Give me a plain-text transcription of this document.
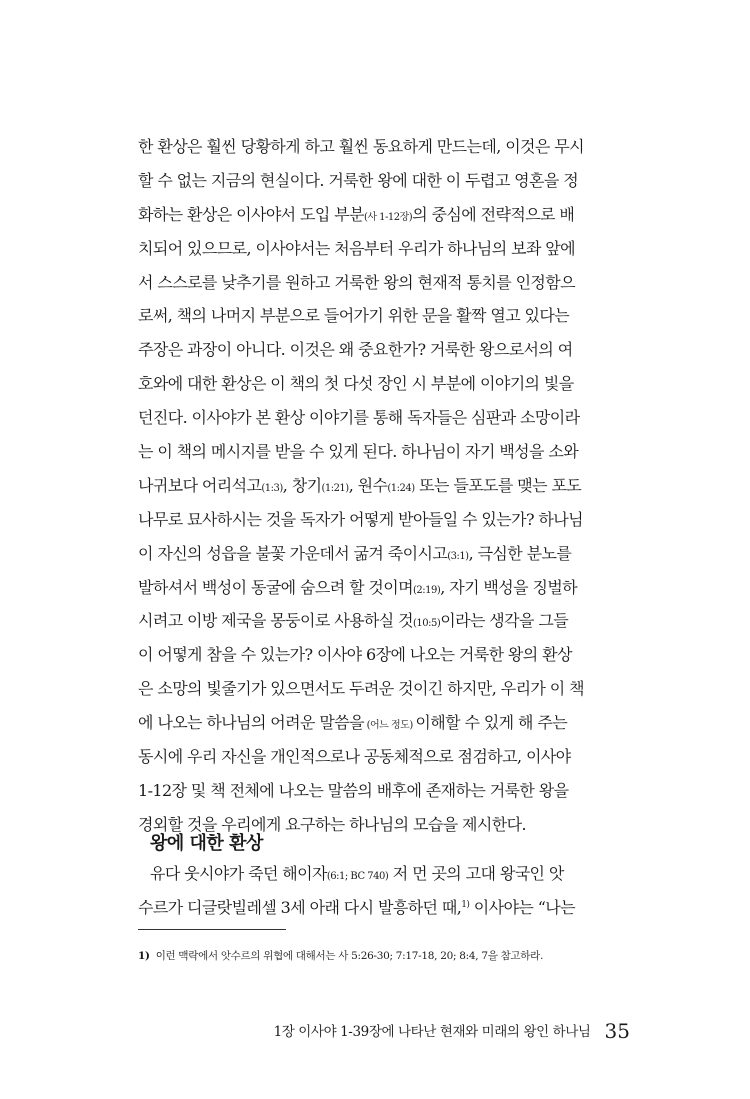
한 환상은 훨씬 당황하게 하고 훨씬 동요하게 만드는데, 이것은 무시
할 수 없는 지금의 현실이다. 거룩한 왕에 대한 이 두렵고 영혼을 정
화하는 환상은 이사야서 도입 부분(사 1-12장)의 중심에 전략적으로 배
치되어 있으므로, 이사야서는 처음부터 우리가 하나님의 보좌 앞에
서 스스로를 낮추기를 원하고 거룩한 왕의 현재적 통치를 인정함으
로써, 책의 나머지 부분으로 들어가기 위한 문을 활짝 열고 있다는
주장은 과장이 아니다. 이것은 왜 중요한가? 거룩한 왕으로서의 여
호와에 대한 환상은 이 책의 첫 다섯 장인 시 부분에 이야기의 빛을
던진다. 이사야가 본 환상 이야기를 통해 독자들은 심판과 소망이라
는 이 책의 메시지를 받을 수 있게 된다. 하나님이 자기 백성을 소와
나귀보다 어리석고(1:3), 창기(1:21), 원수(1:24) 또는 들포도를 맺는 포도
나무로 묘사하시는 것을 독자가 어떻게 받아들일 수 있는가? 하나님
이 자신의 성읍을 불꽃 가운데서 굶겨 죽이시고(3:1), 극심한 분노를
발하셔서 백성이 동굴에 숨으려 할 것이며(2:19), 자기 백성을 징벌하
시려고 이방 제국을 몽둥이로 사용하실 것(10:5)이라는 생각을 그들
이 어떻게 참을 수 있는가? 이사야 6장에 나오는 거룩한 왕의 환상
은 소망의 빛줄기가 있으면서도 두려운 것이긴 하지만, 우리가 이 책
에 나오는 하나님의 어려운 말씀을 (어느 정도) 이해할 수 있게 해 주는
동시에 우리 자신을 개인적으로나 공동체적으로 점검하고, 이사야
1-12장 및 책 전체에 나오는 말씀의 배후에 존재하는 거룩한 왕을
경외할 것을 우리에게 요구하는 하나님의 모습을 제시한다.
왕에 대한 환상
유다 웃시야가 죽던 해이자(6:1; BC 740) 저 먼 곳의 고대 왕국인 앗
수르가 디글랏빌레셀 3세 아래 다시 발흥하던 때,$^{1)}$ 이사야는 “나는
1) 이런 맥락에서 앗수르의 위협에 대해서는 사 5:26-30; 7:17-18, 20; 8:4, 7을 참고하라.
1장 이사야 1-39장에 나타난 현재와 미래의 왕인 하나님 35
